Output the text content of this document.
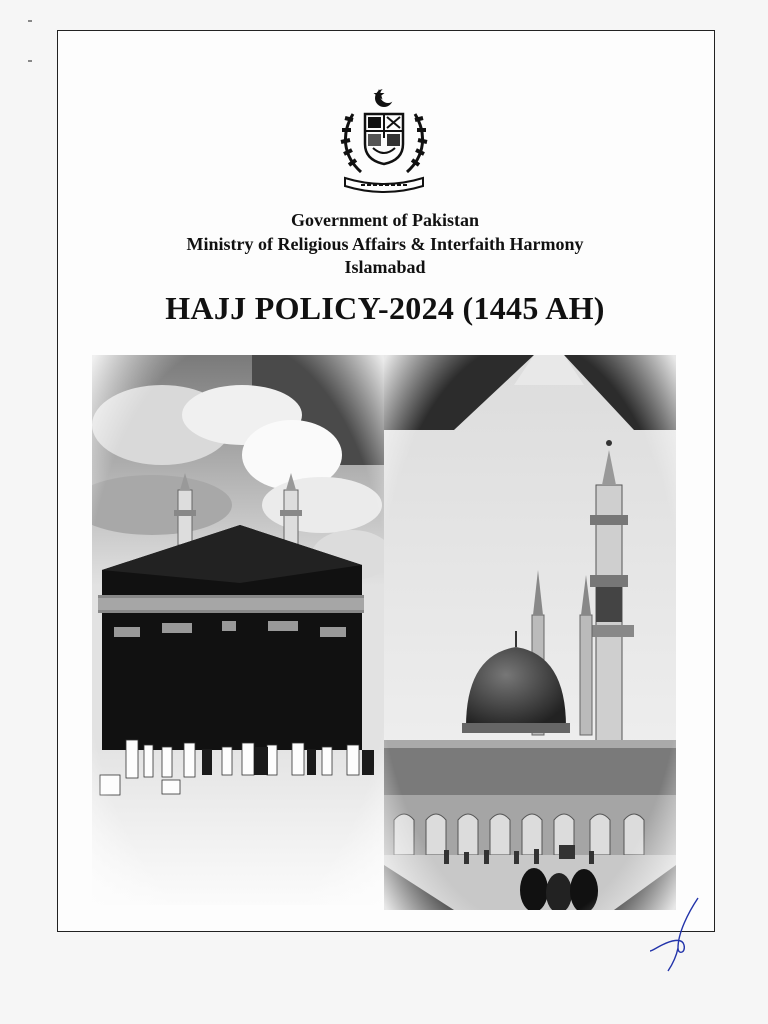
Government of Pakistan
Ministry of Religious Affairs & Interfaith Harmony
Islamabad
HAJJ POLICY-2024 (1445 AH)
